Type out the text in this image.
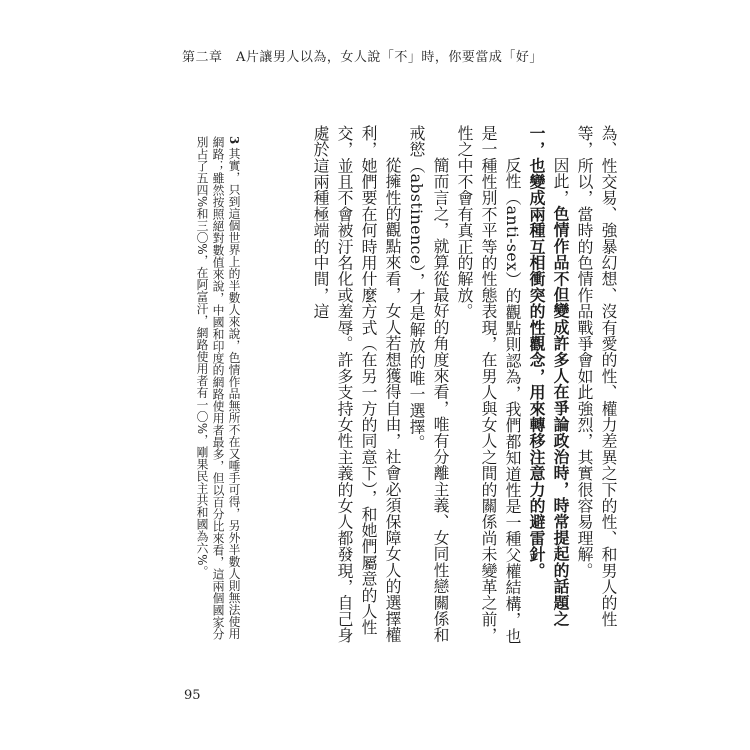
第二章　A片讓男人以為，女人說「不」時，你要當成「好」

為、性交易、強暴幻想、沒有愛的性、權力差異之下的性、和男人的性等，所以，當時的色情作品戰爭會如此強烈，其實很容易理解。

因此，色情作品不但變成許多人在爭論政治時，時常提起的話題之一，也變成兩種互相衝突的性觀念，用來轉移注意力的避雷針。

反性（anti-sex）的觀點則認為，我們都知道性是一種父權結構，也是一種性別不平等的性態表現，在男人與女人之間的關係尚未變革之前，性之中不會有真正的解放。

簡而言之，就算從最好的角度來看，唯有分離主義、女同性戀關係和戒慾（abstinence），才是解放的唯一選擇。

從擁性的觀點來看，女人若想獲得自由，社會必須保障女人的選擇權利，她們要在何時用什麼方式（在另一方的同意下），和她們屬意的人性交，並且不會被汙名化或羞辱。許多支持女性主義的女人都發現，自己身處於這兩種極端的中間，這

3其實，只到這個世界上的半數人來說，色情作品無所不在又唾手可得，另外半數人則無法使用網路；雖然按照絕對數值來說，中國和印度的網路使用者最多，但以百分比來看，這兩個國家分別占了五四%和三〇%，在阿富汗，網路使用者有一〇%，剛果民主共和國為六%。

95
